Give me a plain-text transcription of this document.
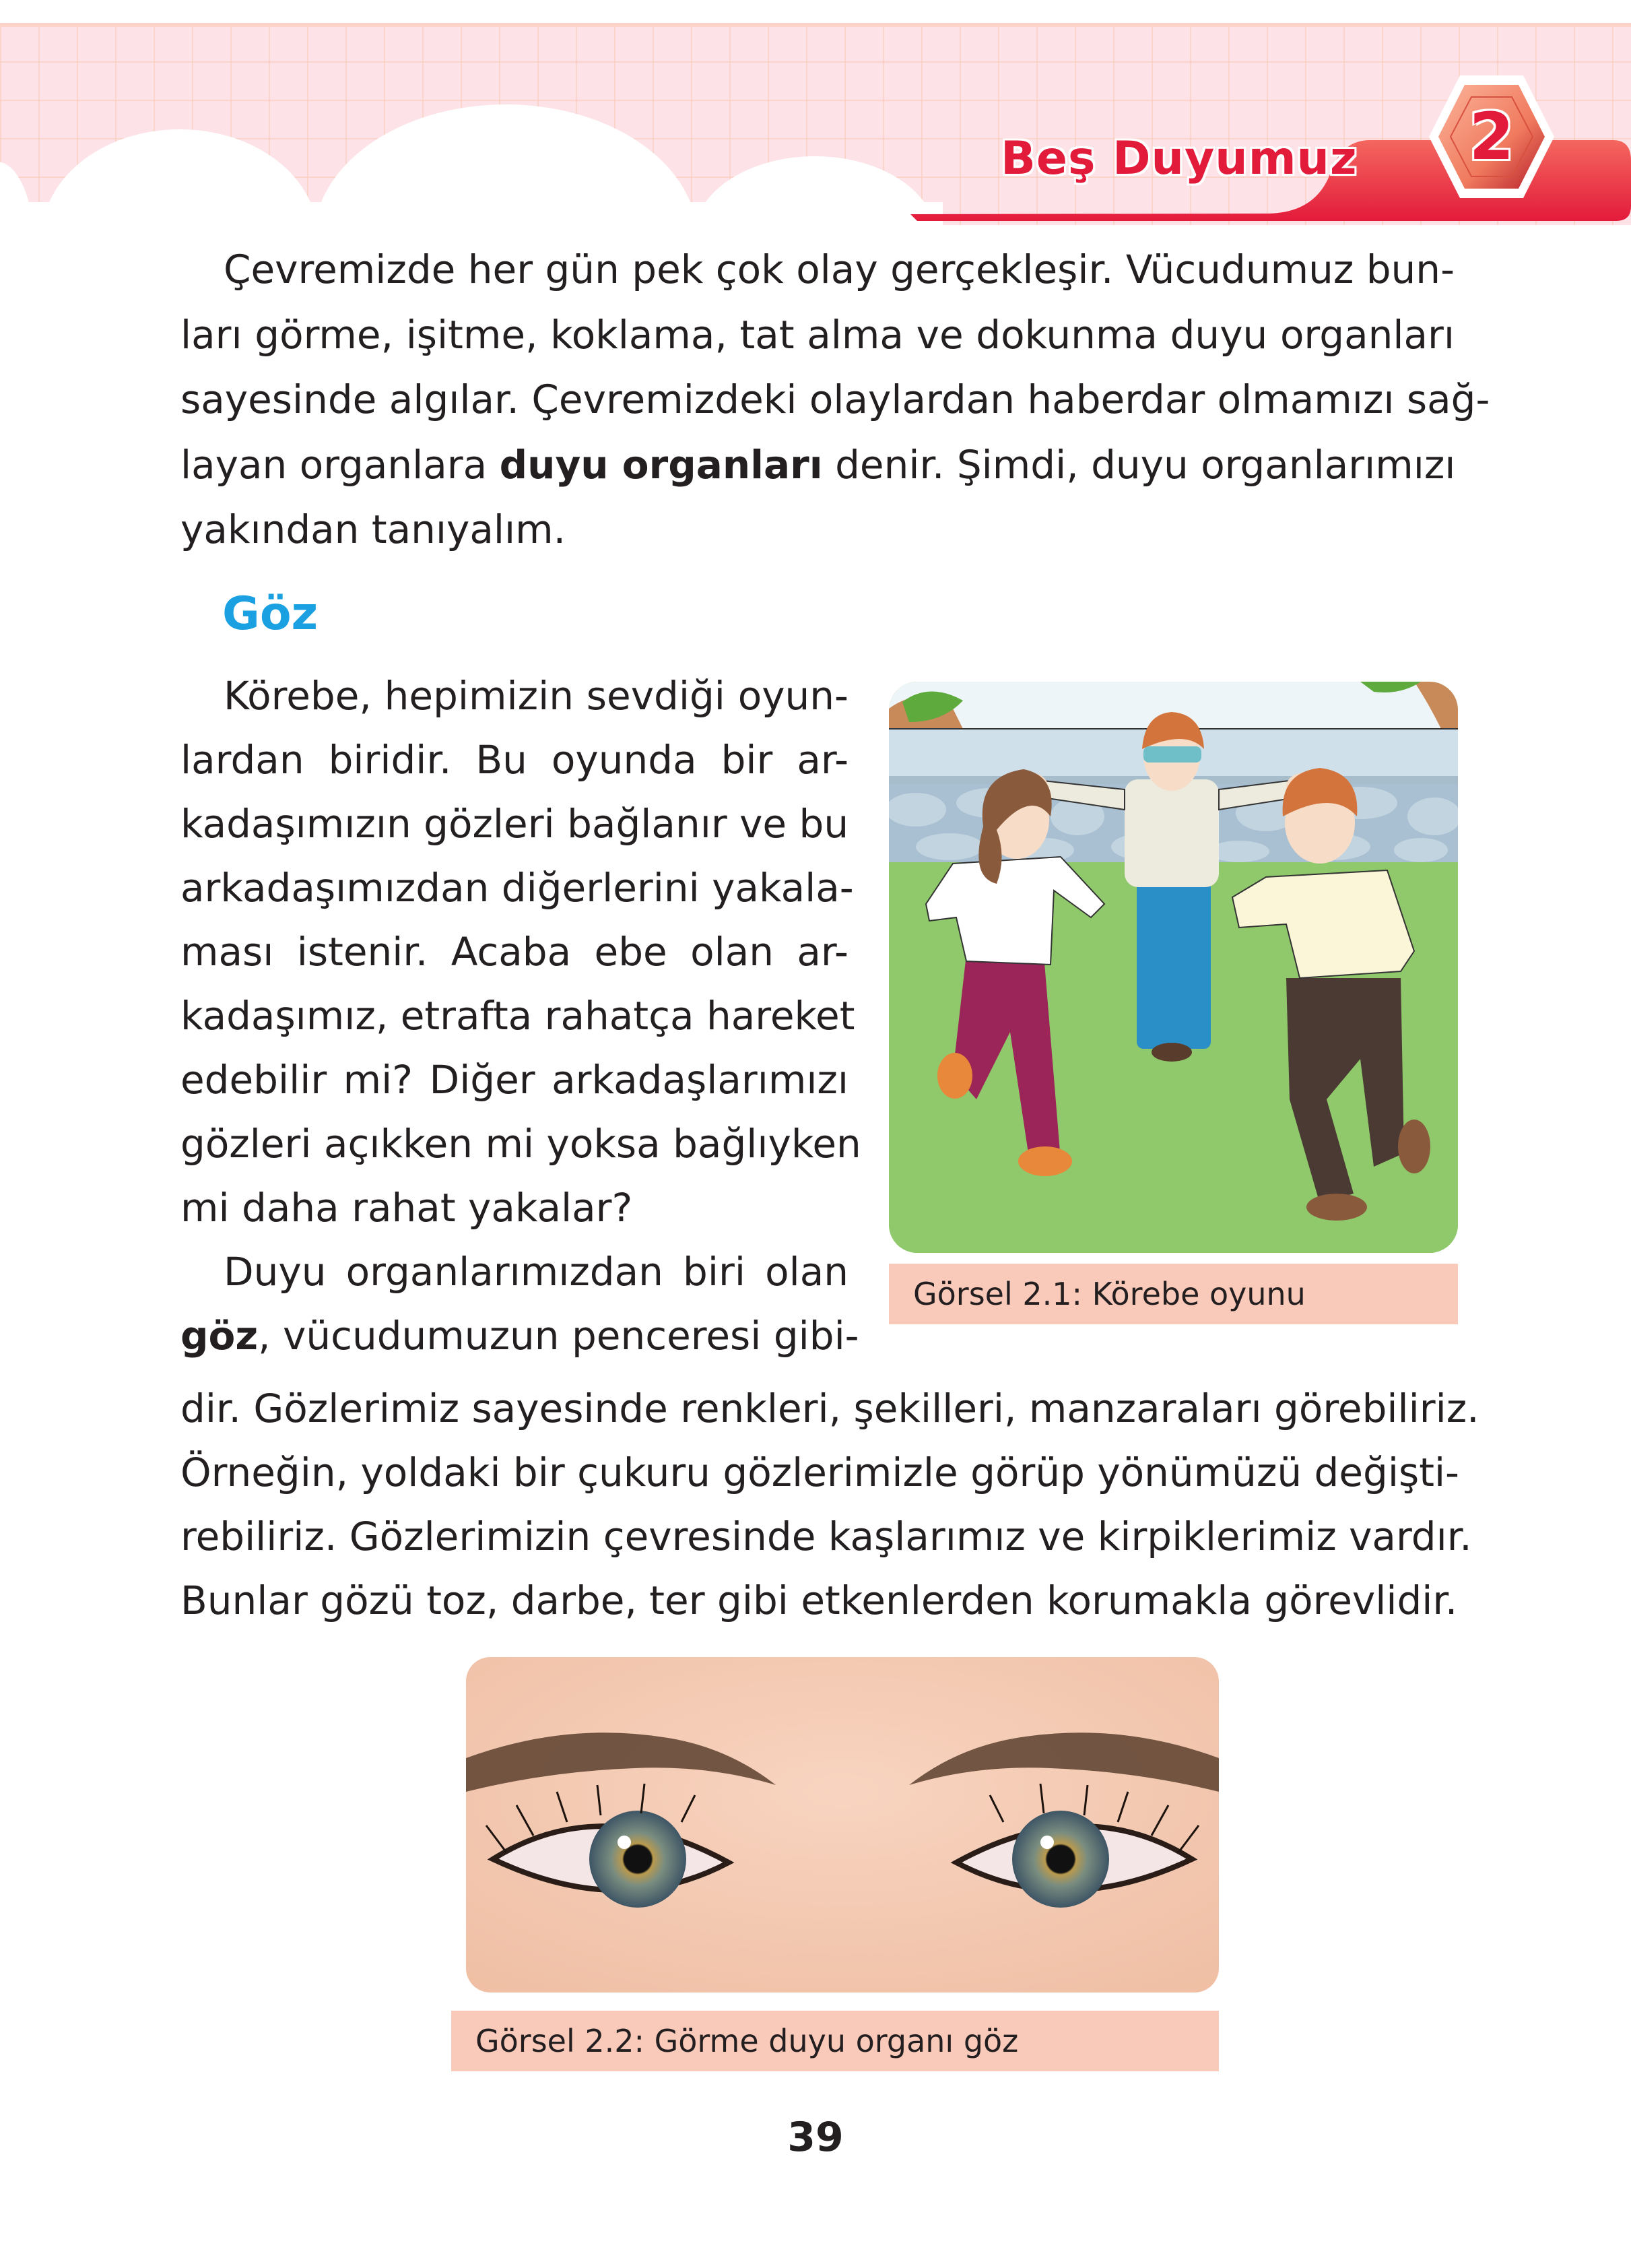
Beş Duyumuz	2
Çevremizde her gün pek çok olay gerçekleşir. Vücudumuz bun-
ları görme, işitme, koklama, tat alma ve dokunma duyu organları
sayesinde algılar. Çevremizdeki olaylardan haberdar olmamızı sağ-
layan organlara duyu organları denir. Şimdi, duyu organlarımızı
yakından tanıyalım.
Göz
Körebe, hepimizin sevdiği oyun-
lardan biridir. Bu oyunda bir ar-
kadaşımızın gözleri bağlanır ve bu
arkadaşımızdan diğerlerini yakala-
ması istenir. Acaba ebe olan ar-
kadaşımız, etrafta rahatça hareket
edebilir mi? Diğer arkadaşlarımızı
gözleri açıkken mi yoksa bağlıyken
mi daha rahat yakalar?
Duyu organlarımızdan biri olan
göz, vücudumuzun penceresi gibi-
Görsel 2.1: Körebe oyunu
dir. Gözlerimiz sayesinde renkleri, şekilleri, manzaraları görebiliriz.
Örneğin, yoldaki bir çukuru gözlerimizle görüp yönümüzü değişti-
rebiliriz. Gözlerimizin çevresinde kaşlarımız ve kirpiklerimiz vardır.
Bunlar gözü toz, darbe, ter gibi etkenlerden korumakla görevlidir.
Görsel 2.2: Görme duyu organı göz
39
